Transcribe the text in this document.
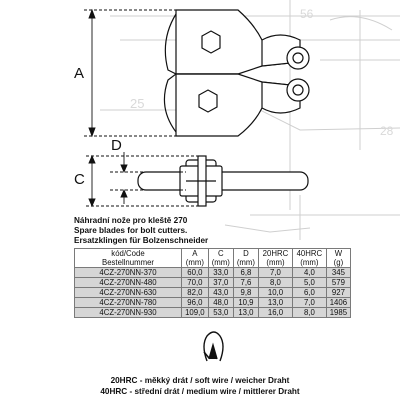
25
56
28
A
D
C
Náhradní nože pro kleště 270
Spare blades for bolt cutters.
Ersatzklingen für Bolzenschneider
kód/Code	A	C	D	20HRC	40HRC	W
Bestellnummer	(mm)	(mm)	(mm)	(mm)	(mm)	(g)
4CZ-270NN-370	60,0	33,0	6,8	7,0	4,0	345
4CZ-270NN-480	70,0	37,0	7,6	8,0	5,0	579
4CZ-270NN-630	82,0	43,0	9,8	10,0	6,0	927
4CZ-270NN-780	96,0	48,0	10,9	13,0	7,0	1406
4CZ-270NN-930	109,0	53,0	13,0	16,0	8,0	1985
20HRC - měkký drát / soft wire / weicher Draht
40HRC - střední drát / medium wire / mittlerer Draht
